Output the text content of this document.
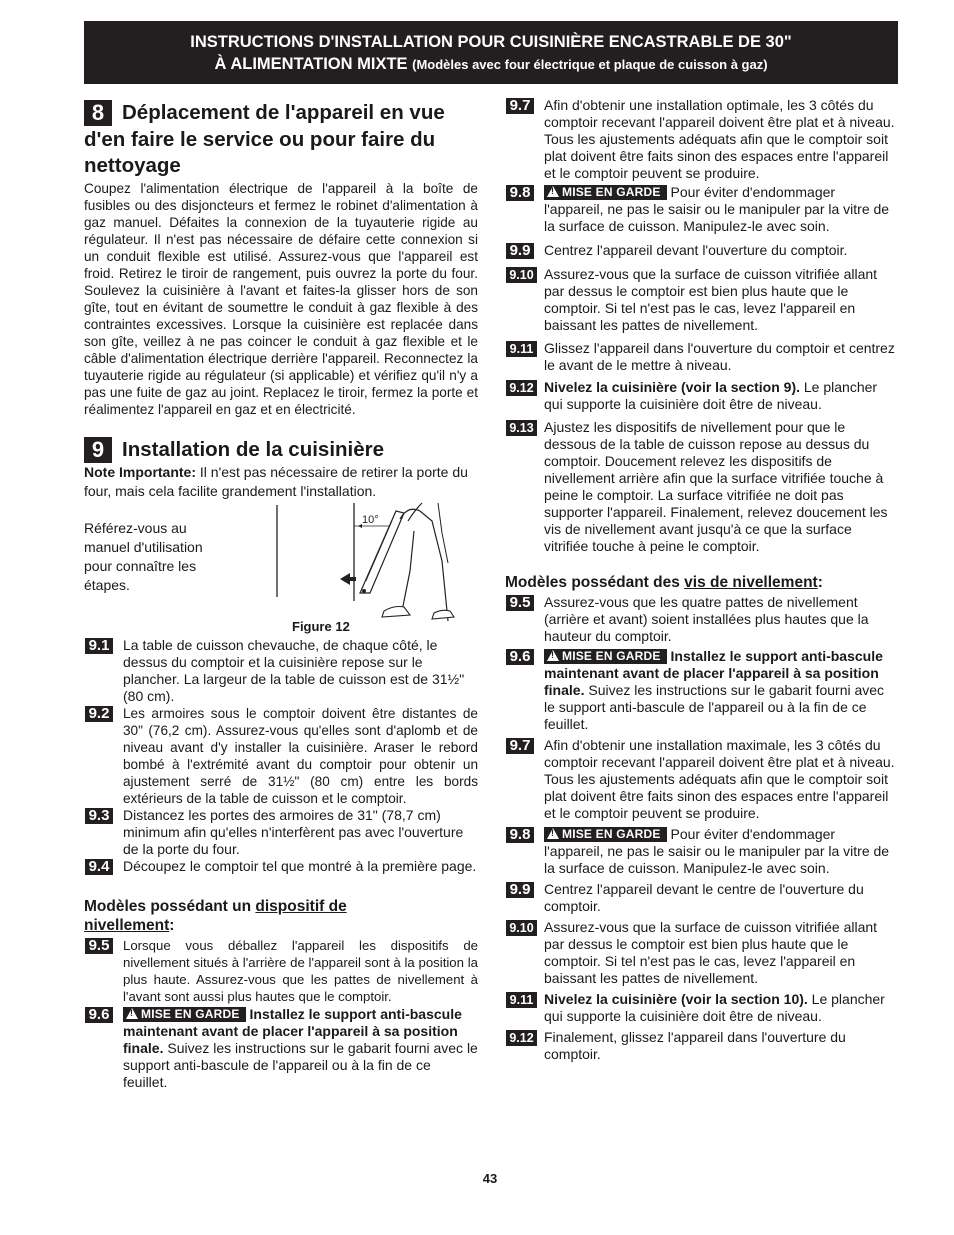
INSTRUCTIONS D'INSTALLATION POUR CUISINIÈRE ENCASTRABLE DE 30"
À ALIMENTATION MIXTE (Modèles avec four électrique et plaque de cuisson à gaz)
8 Déplacement de l'appareil en vue d'en faire le service ou pour faire du nettoyage

Coupez l'alimentation électrique de l'appareil à la boîte de fusibles ou des disjoncteurs et fermez le robinet d'alimentation à gaz manuel. Défaites la connexion de la tuyauterie rigide au régulateur. Il n'est pas nécessaire de défaire cette connexion si un conduit flexible est utilisé. Assurez-vous que l'appareil est froid. Retirez le tiroir de rangement, puis ouvrez la porte du four. Soulevez la cuisinière à l'avant et faites-la glisser hors de son gîte, tout en évitant de soumettre le conduit à gaz flexible à des contraintes excessives. Lorsque la cuisinière est replacée dans son gîte, veillez à ne pas coincer le conduit à gaz flexible et le câble d'alimentation électrique derrière l'appareil. Reconnectez la tuyauterie rigide au régulateur (si applicable) et vérifiez qu'il n'y a pas une fuite de gaz au joint. Replacez le tiroir, fermez la porte et réalimentez l'appareil en gaz et en électricité.

9 Installation de la cuisinière

Note Importante: Il n'est pas nécessaire de retirer la porte du four, mais cela facilite grandement l'installation.

Référez-vous au manuel d'utilisation pour connaître les étapes.
10°
Figure 12

9.1 La table de cuisson chevauche, de chaque côté, le dessus du comptoir et la cuisinière repose sur le plancher. La largeur de la table de cuisson est de 31½" (80 cm).

9.2 Les armoires sous le comptoir doivent être distantes de 30" (76,2 cm). Assurez-vous qu'elles sont d'aplomb et de niveau avant d'y installer la cuisinière. Araser le rebord bombé à l'extrémité avant du comptoir pour obtenir un ajustement serré de 31½" (80 cm) entre les bords extérieurs de la table de cuisson et le comptoir.

9.3 Distancez les portes des armoires de 31" (78,7 cm) minimum afin qu'elles n'interfèrent pas avec l'ouverture de la porte du four.

9.4 Découpez le comptoir tel que montré à la première page.

Modèles possédant un dispositif de nivellement:

9.5 Lorsque vous déballez l'appareil les dispositifs de nivellement situés à l'arrière de l'appareil sont à la position la plus haute. Assurez-vous que les pattes de nivellement à l'avant sont aussi plus hautes que le comptoir.

9.6 !	MISE EN GARDE Installez le support anti-bascule maintenant avant de placer l'appareil à sa position finale. Suivez les instructions sur le gabarit fourni avec le support anti-bascule de l'appareil ou à la fin de ce feuillet.

9.7 Afin d'obtenir une installation optimale, les 3 côtés du comptoir recevant l'appareil doivent être plat et à niveau. Tous les ajustements adéquats afin que le comptoir soit plat doivent être faits sinon des espaces entre l'appareil et le comptoir peuvent se produire.

9.8 !	MISE EN GARDE Pour éviter d'endommager l'appareil, ne pas le saisir ou le manipuler par la vitre de la surface de cuisson. Manipulez-le avec soin.

9.9 Centrez l'appareil devant l'ouverture du comptoir.

9.10 Assurez-vous que la surface de cuisson vitrifiée allant par dessus le comptoir est bien plus haute que le comptoir. Si tel n'est pas le cas, levez l'appareil en baissant les pattes de nivellement.

9.11 Glissez l'appareil dans l'ouverture du comptoir et centrez le avant de le mettre à niveau.

9.12 Nivelez la cuisinière (voir la section 9). Le plancher qui supporte la cuisinière doit être de niveau.

9.13 Ajustez les dispositifs de nivellement pour que le dessous de la table de cuisson repose au dessus du comptoir. Doucement relevez les dispositifs de nivellement arrière afin que la surface vitrifiée touche à peine le comptoir. La surface vitrifiée ne doit pas supporter l'appareil. Finalement, relevez doucement les vis de nivellement avant jusqu'à ce que la surface vitrifiée touche à peine le comptoir.

Modèles possédant des vis de nivellement:

9.5 Assurez-vous que les quatre pattes de nivellement (arrière et avant) soient installées plus hautes que la hauteur du comptoir.

9.6 !	MISE EN GARDE Installez le support anti-bascule maintenant avant de placer l'appareil à sa position finale. Suivez les instructions sur le gabarit fourni avec le support anti-bascule de l'appareil ou à la fin de ce feuillet.

9.7 Afin d'obtenir une installation maximale, les 3 côtés du comptoir recevant l'appareil doivent être plat et à niveau. Tous les ajustements adéquats afin que le comptoir soit plat doivent être faits sinon des espaces entre l'appareil et le comptoir peuvent se produire.

9.8 !	MISE EN GARDE Pour éviter d'endommager l'appareil, ne pas le saisir ou le manipuler par la vitre de la surface de cuisson. Manipulez-le avec soin.

9.9 Centrez l'appareil devant le centre de l'ouverture du comptoir.

9.10 Assurez-vous que la surface de cuisson vitrifiée allant par dessus le comptoir est bien plus haute que le comptoir. Si tel n'est pas le cas, levez l'appareil en baissant les pattes de nivellement.

9.11 Nivelez la cuisinière (voir la section 10). Le plancher qui supporte la cuisinière doit être de niveau.

9.12 Finalement, glissez l'appareil dans l'ouverture du comptoir.

43
